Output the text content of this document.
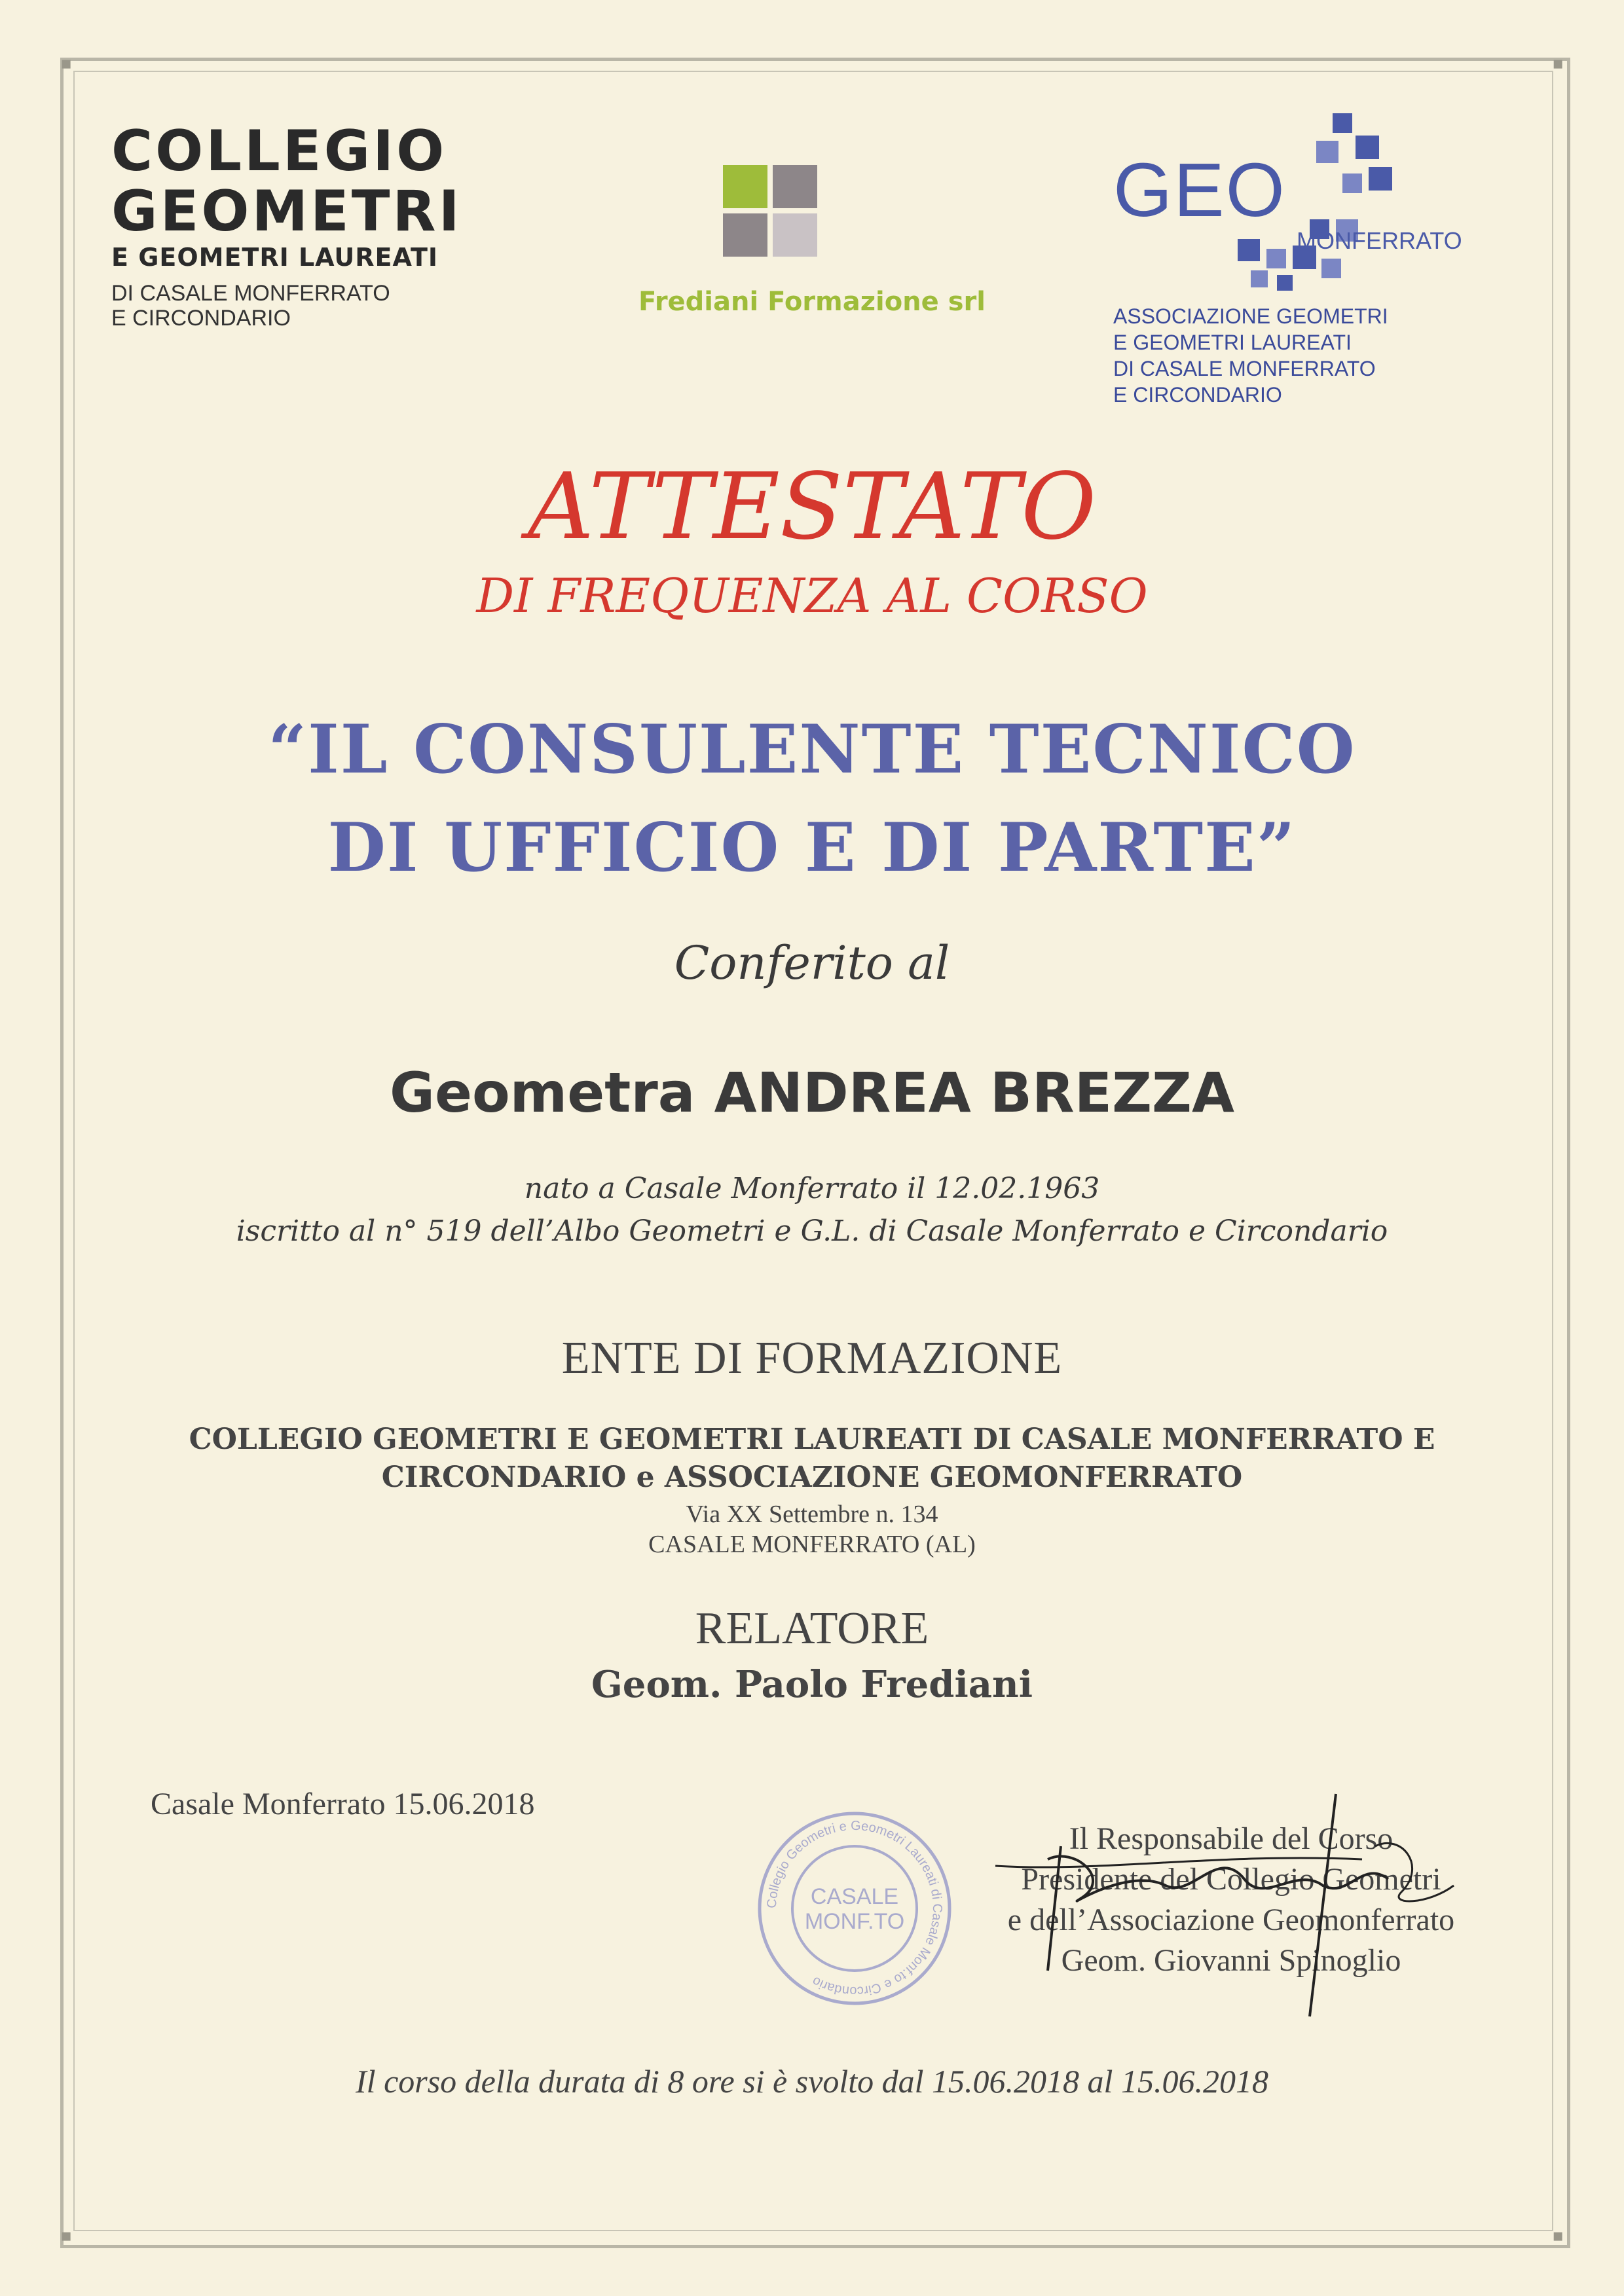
▪	▪
▪	▪
COLLEGIO
GEOMETRI
E GEOMETRI LAUREATI
DI CASALE MONFERRATO
E CIRCONDARIO
Frediani Formazione srl
GEO
MONFERRATO
ASSOCIAZIONE GEOMETRI
E GEOMETRI LAUREATI
DI CASALE MONFERRATO
E CIRCONDARIO
ATTESTATO
DI FREQUENZA AL CORSO
“IL CONSULENTE TECNICO
DI UFFICIO E DI PARTE”
Conferito al
Geometra ANDREA BREZZA
nato a Casale Monferrato il 12.02.1963
iscritto al n° 519 dell’Albo Geometri e G.L. di Casale Monferrato e Circondario
ENTE DI FORMAZIONE
COLLEGIO GEOMETRI E GEOMETRI LAUREATI DI CASALE MONFERRATO E
CIRCONDARIO e ASSOCIAZIONE GEOMONFERRATO
Via XX Settembre n. 134
CASALE MONFERRATO (AL)
RELATORE
Geom. Paolo Frediani
Casale Monferrato 15.06.2018
Collegio Geometri e Geometri Laureati di Casale Monf.to e Circondario
CASALE
MONF.TO
Il Responsabile del Corso
Presidente del Collegio Geometri
e dell’Associazione Geomonferrato
Geom. Giovanni Spinoglio
Il corso della durata di 8 ore si è svolto dal 15.06.2018 al 15.06.2018
